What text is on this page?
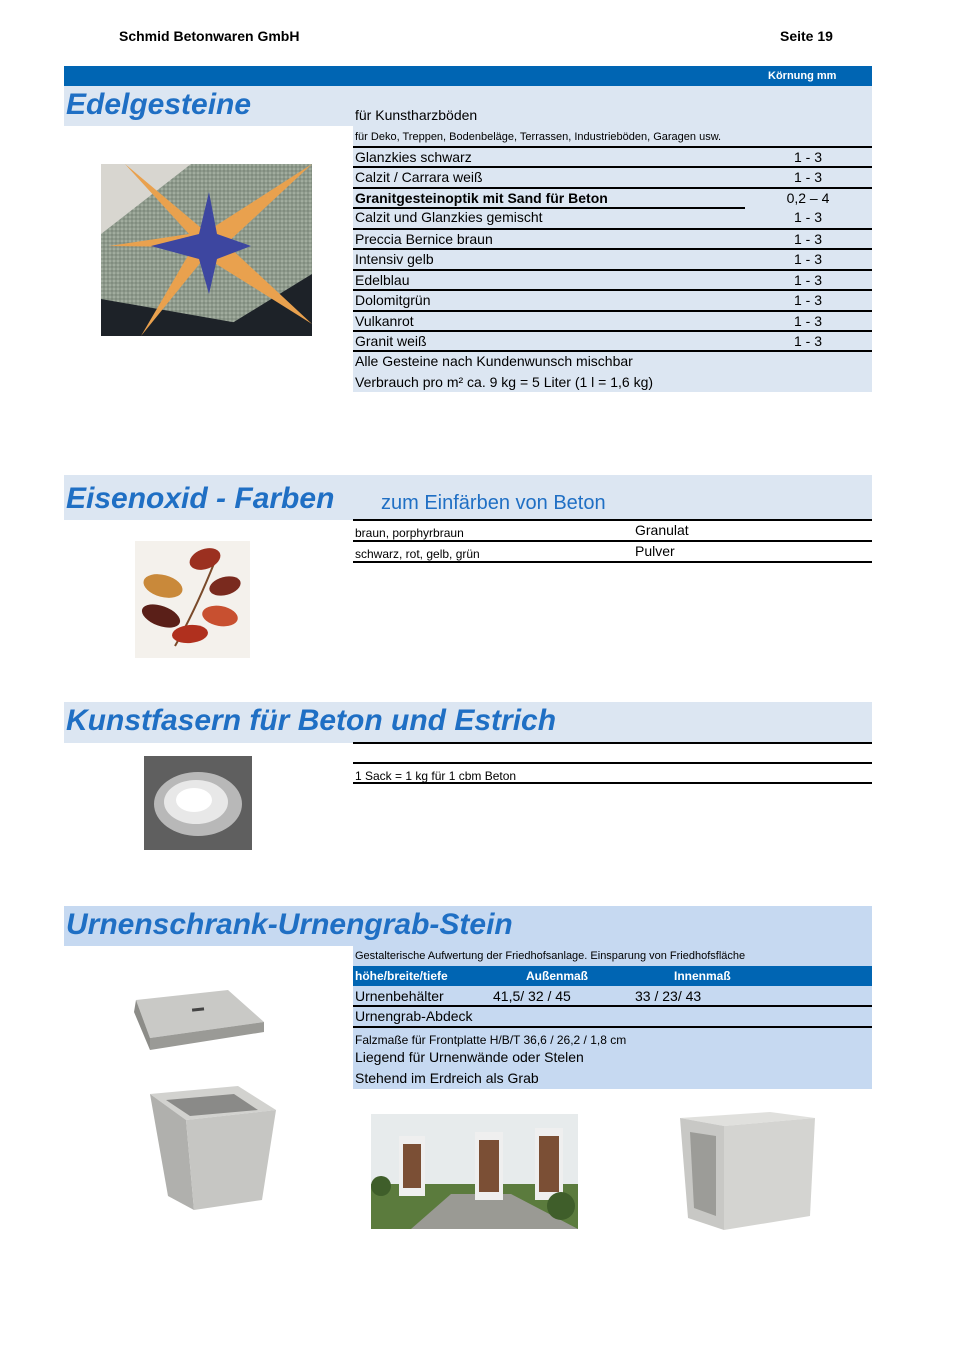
Schmid Betonwaren GmbH	Seite 19
Körnung mm
Edelgesteine	für Kunstharzböden
für Deko, Treppen, Bodenbeläge, Terrassen, Industrieböden, Garagen usw.
Glanzkies schwarz	1 - 3
Calzit / Carrara weiß	1 - 3
Granitgesteinoptik mit Sand für Beton	0,2 – 4
Calzit und Glanzkies gemischt	1 - 3
Preccia Bernice braun	1 - 3
Intensiv gelb	1 - 3
Edelblau	1 - 3
Dolomitgrün	1 - 3
Vulkanrot	1 - 3
Granit weiß	1 - 3
Alle Gesteine nach Kundenwunsch mischbar
Verbrauch pro m² ca. 9 kg = 5 Liter (1 l = 1,6 kg)
Eisenoxid - Farben zum Einfärben von Beton
braun, porphyrbraun	Granulat
schwarz, rot, gelb, grün	Pulver
Kunstfasern für Beton und Estrich
1 Sack = 1 kg für 1 cbm Beton
Urnenschrank-Urnengrab-Stein
Gestalterische Aufwertung der Friedhofsanlage. Einsparung von Friedhofsfläche
höhe/breite/tiefe	Außenmaß	Innenmaß
Urnenbehälter	41,5/ 32 / 45	33 / 23/ 43
Urnengrab-Abdeck
Falzmaße für Frontplatte H/B/T 36,6 / 26,2 / 1,8 cm
Liegend für Urnenwände oder Stelen
Stehend im Erdreich als Grab
